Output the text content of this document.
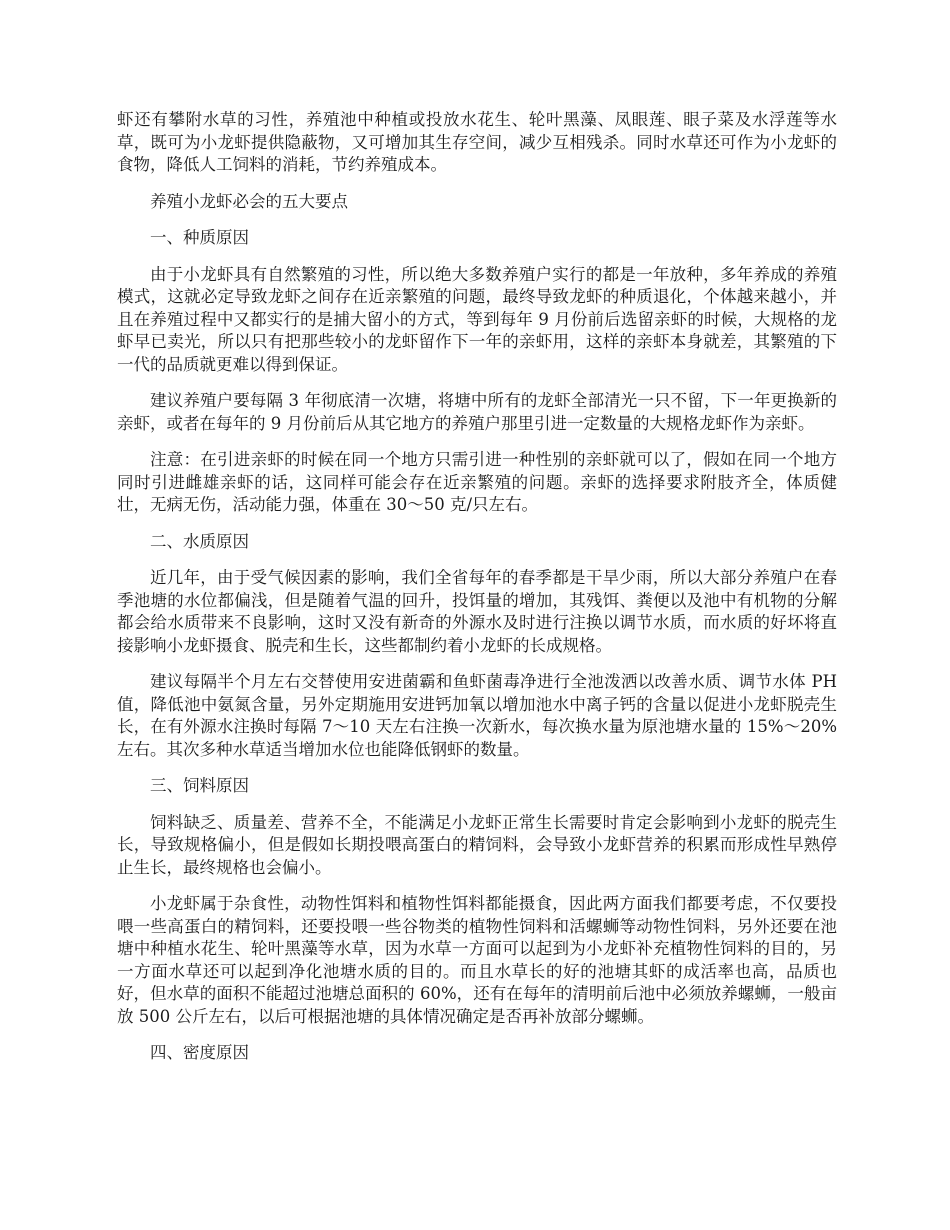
虾还有攀附水草的习性，养殖池中种植或投放水花生、轮叶黑藻、凤眼莲、眼子菜及水浮莲等水草，既可为小龙虾提供隐蔽物，又可增加其生存空间，减少互相残杀。同时水草还可作为小龙虾的食物，降低人工饲料的消耗，节约养殖成本。

养殖小龙虾必会的五大要点

一、种质原因

由于小龙虾具有自然繁殖的习性，所以绝大多数养殖户实行的都是一年放种，多年养成的养殖模式，这就必定导致龙虾之间存在近亲繁殖的问题，最终导致龙虾的种质退化，个体越来越小，并且在养殖过程中又都实行的是捕大留小的方式，等到每年 9 月份前后选留亲虾的时候，大规格的龙虾早已卖光，所以只有把那些较小的龙虾留作下一年的亲虾用，这样的亲虾本身就差，其繁殖的下一代的品质就更难以得到保证。

建议养殖户要每隔 3 年彻底清一次塘，将塘中所有的龙虾全部清光一只不留，下一年更换新的亲虾，或者在每年的 9 月份前后从其它地方的养殖户那里引进一定数量的大规格龙虾作为亲虾。

注意：在引进亲虾的时候在同一个地方只需引进一种性别的亲虾就可以了，假如在同一个地方同时引进雌雄亲虾的话，这同样可能会存在近亲繁殖的问题。亲虾的选择要求附肢齐全，体质健壮，无病无伤，活动能力强，体重在 30～50 克/只左右。

二、水质原因

近几年，由于受气候因素的影响，我们全省每年的春季都是干旱少雨，所以大部分养殖户在春季池塘的水位都偏浅，但是随着气温的回升，投饵量的增加，其残饵、粪便以及池中有机物的分解都会给水质带来不良影响，这时又没有新奇的外源水及时进行注换以调节水质，而水质的好坏将直接影响小龙虾摄食、脱壳和生长，这些都制约着小龙虾的长成规格。

建议每隔半个月左右交替使用安进菌霸和鱼虾菌毒净进行全池泼洒以改善水质、调节水体 PH 值，降低池中氨氮含量，另外定期施用安进钙加氧以增加池水中离子钙的含量以促进小龙虾脱壳生长，在有外源水注换时每隔 7～10 天左右注换一次新水，每次换水量为原池塘水量的 15%～20%左右。其次多种水草适当增加水位也能降低钢虾的数量。

三、饲料原因

饲料缺乏、质量差、营养不全，不能满足小龙虾正常生长需要时肯定会影响到小龙虾的脱壳生长，导致规格偏小，但是假如长期投喂高蛋白的精饲料，会导致小龙虾营养的积累而形成性早熟停止生长，最终规格也会偏小。

小龙虾属于杂食性，动物性饵料和植物性饵料都能摄食，因此两方面我们都要考虑，不仅要投喂一些高蛋白的精饲料，还要投喂一些谷物类的植物性饲料和活螺蛳等动物性饲料，另外还要在池塘中种植水花生、轮叶黑藻等水草，因为水草一方面可以起到为小龙虾补充植物性饲料的目的，另一方面水草还可以起到净化池塘水质的目的。而且水草长的好的池塘其虾的成活率也高，品质也好，但水草的面积不能超过池塘总面积的 60%，还有在每年的清明前后池中必须放养螺蛳，一般亩放 500 公斤左右，以后可根据池塘的具体情况确定是否再补放部分螺蛳。

四、密度原因
